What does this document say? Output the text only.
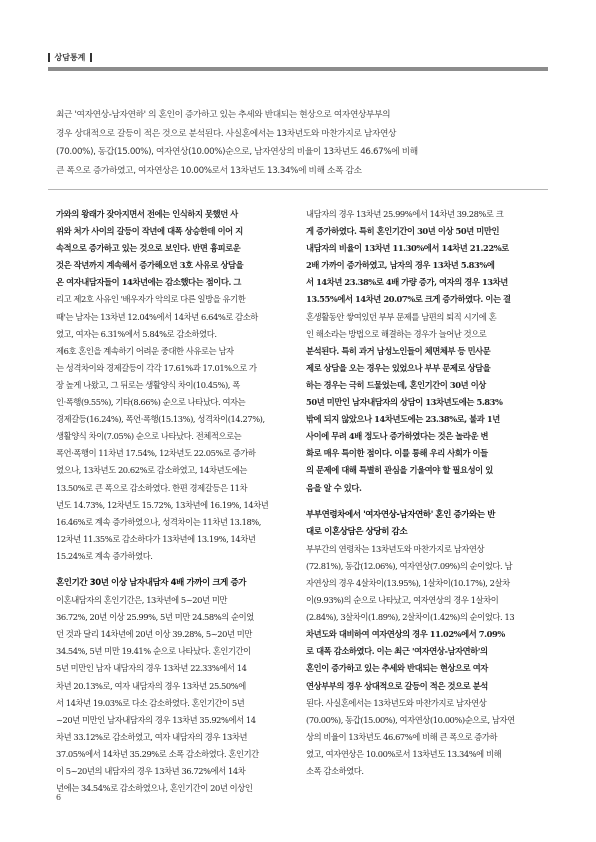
상담통계

최근 '여자연상-남자연하' 의 혼인이 증가하고 있는 추세와 반대되는 현상으로 여자연상부부의

경우 상대적으로 갈등이 적은 것으로 분석된다. 사실혼에서는 13차년도와 마찬가지로 남자연상

(70.00%), 동갑(15.00%), 여자연상(10.00%)순으로, 남자연상의 비율이 13차년도 46.67%에 비해

큰 폭으로 증가하였고, 여자연상은 10.00%로서 13차년도 13.34%에 비해 소폭 감소

가와의 왕래가 잦아지면서 전에는 인식하지 못했던 사
위와 처가 사이의 갈등이 작년에 대폭 상승한데 이어 지
속적으로 증가하고 있는 것으로 보인다. 반면 흉피로운
것은 작년까지 계속해서 증가해오던 3호 사유로 상담을
온 여자내담자들이 14차년에는 감소했다는 점이다. 그
리고 제2호 사유인 '배우자가 악의로 다른 일방을 유기한
때'는 남자는 13차년 12.04%에서 14차년 6.64%로 감소하
였고, 여자는 6.31%에서 5.84%로 감소하였다.
제6호 혼인을 계속하기 어려운 중대한 사유로는 남자
는 성격차이와 경제갈등이 각각 17.61%과 17.01%으로 가
장 높게 나왔고, 그 뒤로는 생활양식 차이(10.45%), 폭
인·폭행(9.55%), 기타(8.66%) 순으로 나타났다. 여자는
경제갈등(16.24%), 폭언·폭행(15.13%), 성격차이(14.27%),
생활양식 차이(7.05%) 순으로 나타났다. 전체적으로는
폭언·폭행이 11차년 17.54%, 12차년도 22.05%로 증가하
였으나, 13차년도 20.62%로 감소하였고, 14차년도에는
13.50%로 큰 폭으로 감소하였다. 한편 경제갈등은 11차
년도 14.73%, 12차년도 15.72%, 13차년에 16.19%, 14차년
16.46%로 계속 증가하였으나, 성격차이는 11차년 13.18%,
12차년 11.35%로 감소하다가 13차년에 13.19%, 14차년
15.24%로 계속 증가하였다.
혼인기간 30년 이상 남자내담자 4배 가까이 크게 증가
이혼내담자의 혼인기간은, 13차년에 5~20년 미만
36.72%, 20년 이상 25.99%, 5년 미만 24.58%의 순이었
던 것과 달리 14차년에 20년 이상 39.28%, 5~20년 미만
34.54%, 5년 미만 19.41% 순으로 나타났다. 혼인기간이
5년 미만인 남자 내담자의 경우 13차년 22.33%에서 14
차년 20.13%로, 여자 내담자의 경우 13차년 25.50%에
서 14차년 19.03%로 다소 감소하였다. 혼인기간이 5년
~20년 미만인 남자내담자의 경우 13차년 35.92%에서 14
차년 33.12%로 감소하였고, 여자 내담자의 경우 13차년
37.05%에서 14차년 35.29%로 소폭 감소하였다. 혼인기간
이 5~20년의 내담자의 경우 13차년 36.72%에서 14차
년에는 34.54%로 감소하였으나, 혼인기간이 20년 이상인
내담자의 경우 13차년 25.99%에서 14차년 39.28%로 크
게 증가하였다. 특히 혼인기간이 30년 이상 50년 미만인
내담자의 비율이 13차년 11.30%에서 14차년 21.22%로
2배 가까이 증가하였고, 남자의 경우 13차년 5.83%에
서 14차년 23.38%로 4배 가량 증가, 여자의 경우 13차년
13.55%에서 14차년 20.07%로 크게 증가하였다. 이는 결
혼생활동안 쌓여있던 부부 문제를 남편의 퇴직 시기에 혼
인 해소라는 방법으로 해결하는 경우가 늘어난 것으로
분석된다. 특히 과거 남성노인들이 체면체부 등 민사문
제로 상담을 오는 경우는 있었으나 부부 문제로 상담을
하는 경우는 극히 드물었는데, 혼인기간이 30년 이상
50년 미만인 남자내담자의 상담이 13차년도에는 5.83%
밖에 되지 않았으나 14차년도에는 23.38%로, 불과 1년
사이에 무려 4배 정도나 증가하였다는 것은 놀라운 변
화로 매우 특이한 점이다. 이를 통해 우리 사회가 이들
의 문제에 대해 특별히 관심을 기울여야 할 필요성이 있
음을 알 수 있다.
부부연령차에서 '여자연상-남자연하' 혼인 증가와는 반
대로 이혼상담은 상당히 감소
부부간의 연령차는 13차년도와 마찬가지로 남자연상
(72.81%), 동갑(12.06%), 여자연상(7.09%)의 순이었다. 남
자연상의 경우 4살차이(13.95%), 1살차이(10.17%), 2살차
이(9.93%)의 순으로 나타났고, 여자연상의 경우 1살차이
(2.84%), 3살차이(1.89%), 2살차이(1.42%)의 순이었다. 13
차년도와 대비하여 여자연상의 경우 11.02%에서 7.09%
로 대폭 감소하였다. 이는 최근 '여자연상-남자연하'의
혼인이 증가하고 있는 추세와 반대되는 현상으로 여자
연상부부의 경우 상대적으로 갈등이 적은 것으로 분석
된다. 사실혼에서는 13차년도와 마찬가지로 남자연상
(70.00%), 동갑(15.00%), 여자연상(10.00%)순으로, 남자연
상의 비율이 13차년도 46.67%에 비해 큰 폭으로 증가하
였고, 여자연상은 10.00%로서 13차년도 13.34%에 비해
소폭 감소하였다.
6
